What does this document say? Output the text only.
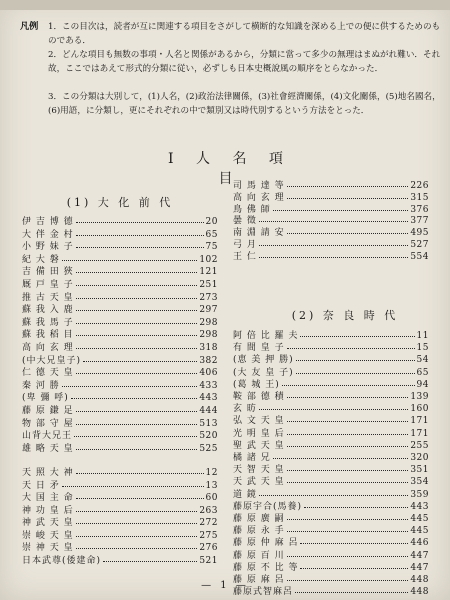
凡例 1．この目次は，読者が互に関連する項目をさがして横断的な知識を深める上での便に供するためのものである．
2．どんな項目も無数の事項・人名と関係があるから，分類に當って多少の無理はまぬがれ難い．それ故，ここではあえて形式的分類に従い，必ずしも日本史概說風の順序をとらなかった．
3．この分類は大別して，(1)人名，(2)政治法律關係，(3)社會經濟關係，(4)文化關係，(5)地名國名，(6)用語，に分類し，更にそれぞれの中で類別又は時代別するという方法をとった．
Ⅰ 人 名 項 目
(1) 大 化 前 代
(2) 奈 良 時 代
伊 吉 博 德	20
大 伴 金 村	65
小 野 妹 子	75
紀 大 磐	102
吉 備 田 狹	121
厩 戸 皇 子	251
推 古 天 皇	273
蘇 我 入 鹿	297
蘇 我 馬 子	298
蘇 我 稻 目	298
高 向 玄 理	318
(中大兄皇子)	382
仁 德 天 皇	406
秦 河 勝	433
(卑 彌 呼)	443
藤 原 鎌 足	444
物 部 守 屋	513
山背大兄王	520
雄 略 天 皇	525
天 照 大 神	12
天 日 矛	13
大 国 主 命	60
神 功 皇 后	263
神 武 天 皇	272
崇 峻 天 皇	275
崇 神 天 皇	276
日本武尊(倭建命)	521
司 馬 達 等	226
高 向 玄 理	315
鳥 佛 師	376
曇 徵	377
南 淵 請 安	495
弓 月	527
王 仁	554
阿 倍 比 羅 夫	11
有 間 皇 子	15
(恵 美 押 勝)	54
(大 友 皇 子)	65
(葛 城 王)	94
鞍 部 德 積	139
玄 昉	160
弘 文 天 皇	171
光 明 皇 后	171
聖 武 天 皇	255
橘 諸 兄	320
天 智 天 皇	351
天 武 天 皇	354
道 鏡	359
藤原宇合(馬養)	443
藤 原 廣 嗣	445
藤 原 永 手	445
藤 原 仲 麻 呂	446
藤 原 百 川	447
藤 原 不 比 等	447
藤 原 麻 呂	448
藤原式智麻呂	448
— 1 —
